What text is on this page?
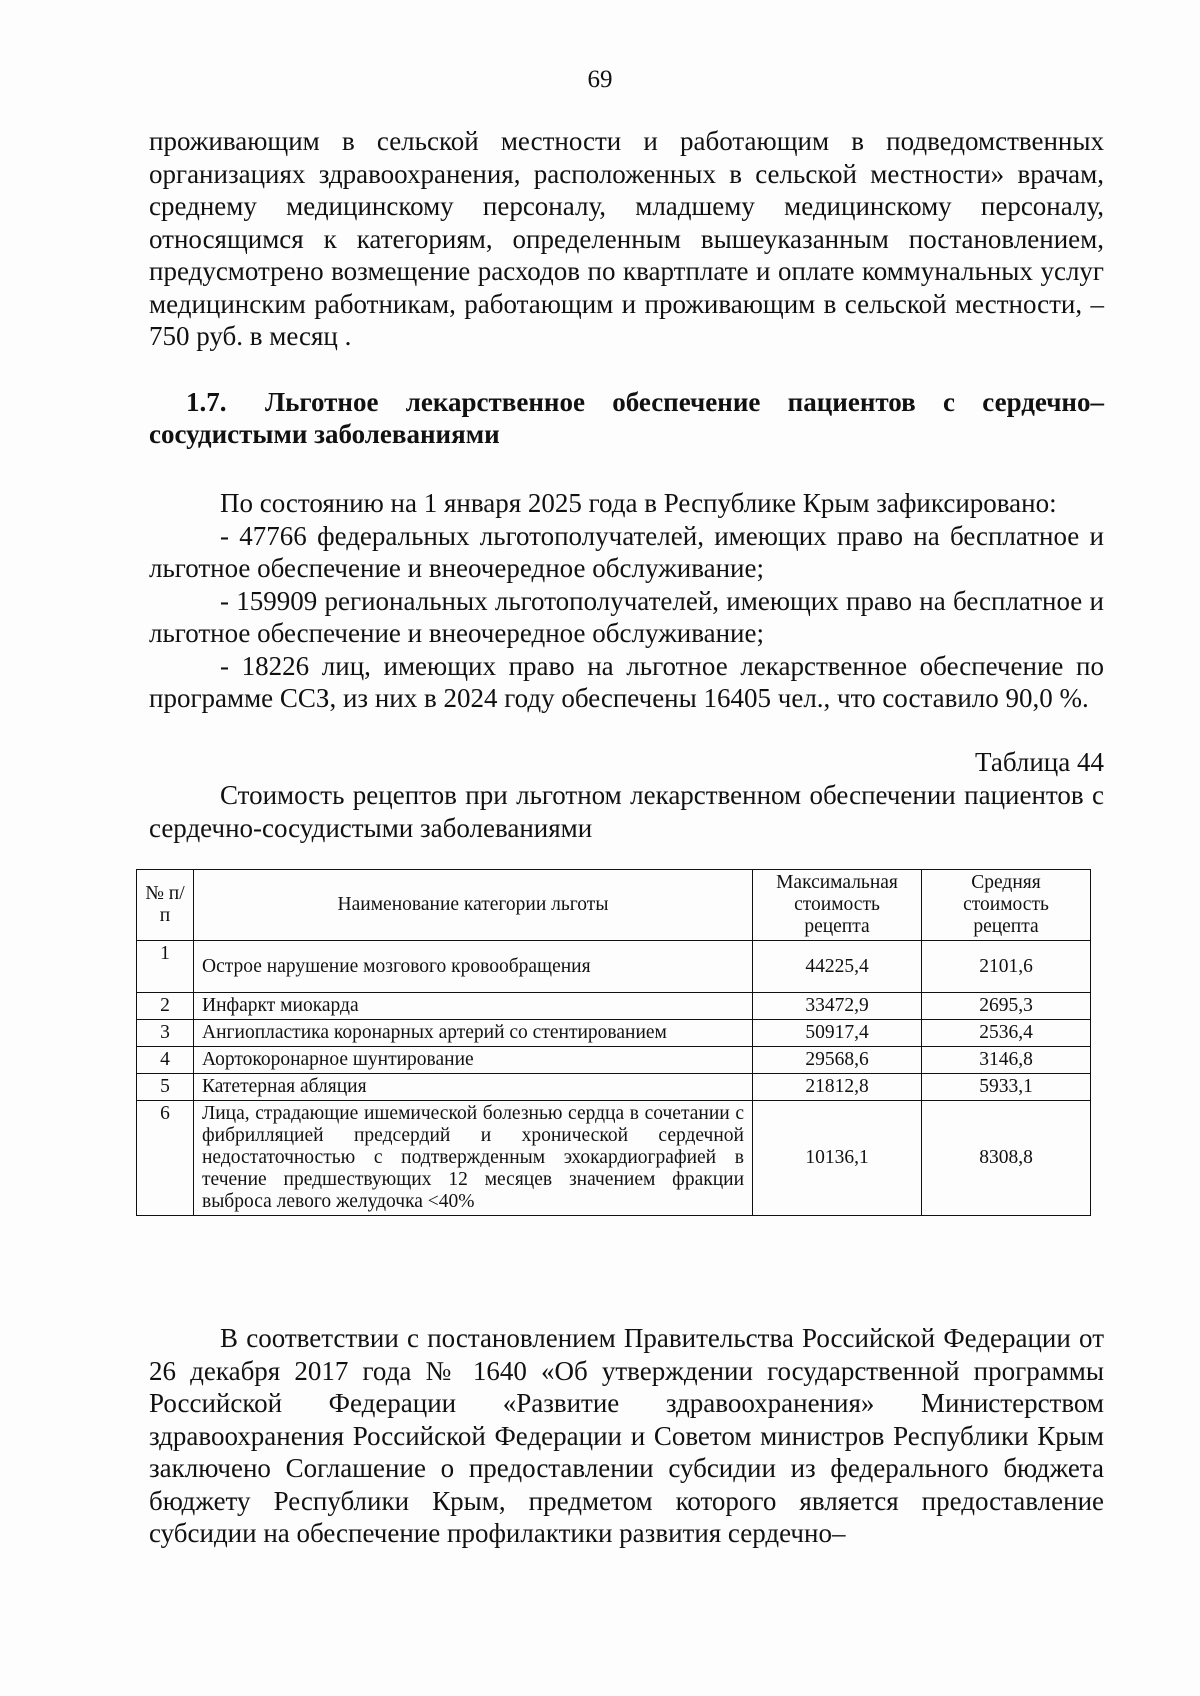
69

проживающим в сельской местности и работающим в подведомственных организациях здравоохранения, расположенных в сельской местности» врачам, среднему медицинскому персоналу, младшему медицинскому персоналу, относящимся к категориям, определенным вышеуказанным постановлением, предусмотрено возмещение расходов по квартплате и оплате коммунальных услуг медицинским работникам, работающим и проживающим в сельской местности, – 750 руб. в месяц .

1.7. Льготное лекарственное обеспечение пациентов с сердечно–сосудистыми заболеваниями

По состоянию на 1 января 2025 года в Республике Крым зафиксировано:

- 47766 федеральных льготополучателей, имеющих право на бесплатное и льготное обеспечение и внеочередное обслуживание;

- 159909 региональных льготополучателей, имеющих право на бесплатное и льготное обеспечение и внеочередное обслуживание;

- 18226 лиц, имеющих право на льготное лекарственное обеспечение по программе ССЗ, из них в 2024 году обеспечены 16405 чел., что составило 90,0 %.

Таблица 44

Стоимость рецептов при льготном лекарственном обеспечении пациентов с сердечно-сосудистыми заболеваниями

№ п/п	Наименование категории льготы	Максимальная стоимость рецепта	Средняя стоимость рецепта
1	Острое нарушение мозгового кровообращения	44225,4	2101,6
2	Инфаркт миокарда	33472,9	2695,3
3	Ангиопластика коронарных артерий со стентированием	50917,4	2536,4
4	Аортокоронарное шунтирование	29568,6	3146,8
5	Катетерная абляция	21812,8	5933,1
6	Лица, страдающие ишемической болезнью сердца в сочетании с фибрилляцией предсердий и хронической сердечной недостаточностью с подтвержденным эхокардиографией в течение предшествующих 12 месяцев значением фракции выброса левого желудочка <40%	10136,1	8308,8

В соответствии с постановлением Правительства Российской Федерации от 26 декабря 2017 года № 1640 «Об утверждении государственной программы Российской Федерации «Развитие здравоохранения» Министерством здравоохранения Российской Федерации и Советом министров Республики Крым заключено Соглашение о предоставлении субсидии из федерального бюджета бюджету Республики Крым, предметом которого является предоставление субсидии на обеспечение профилактики развития сердечно–
